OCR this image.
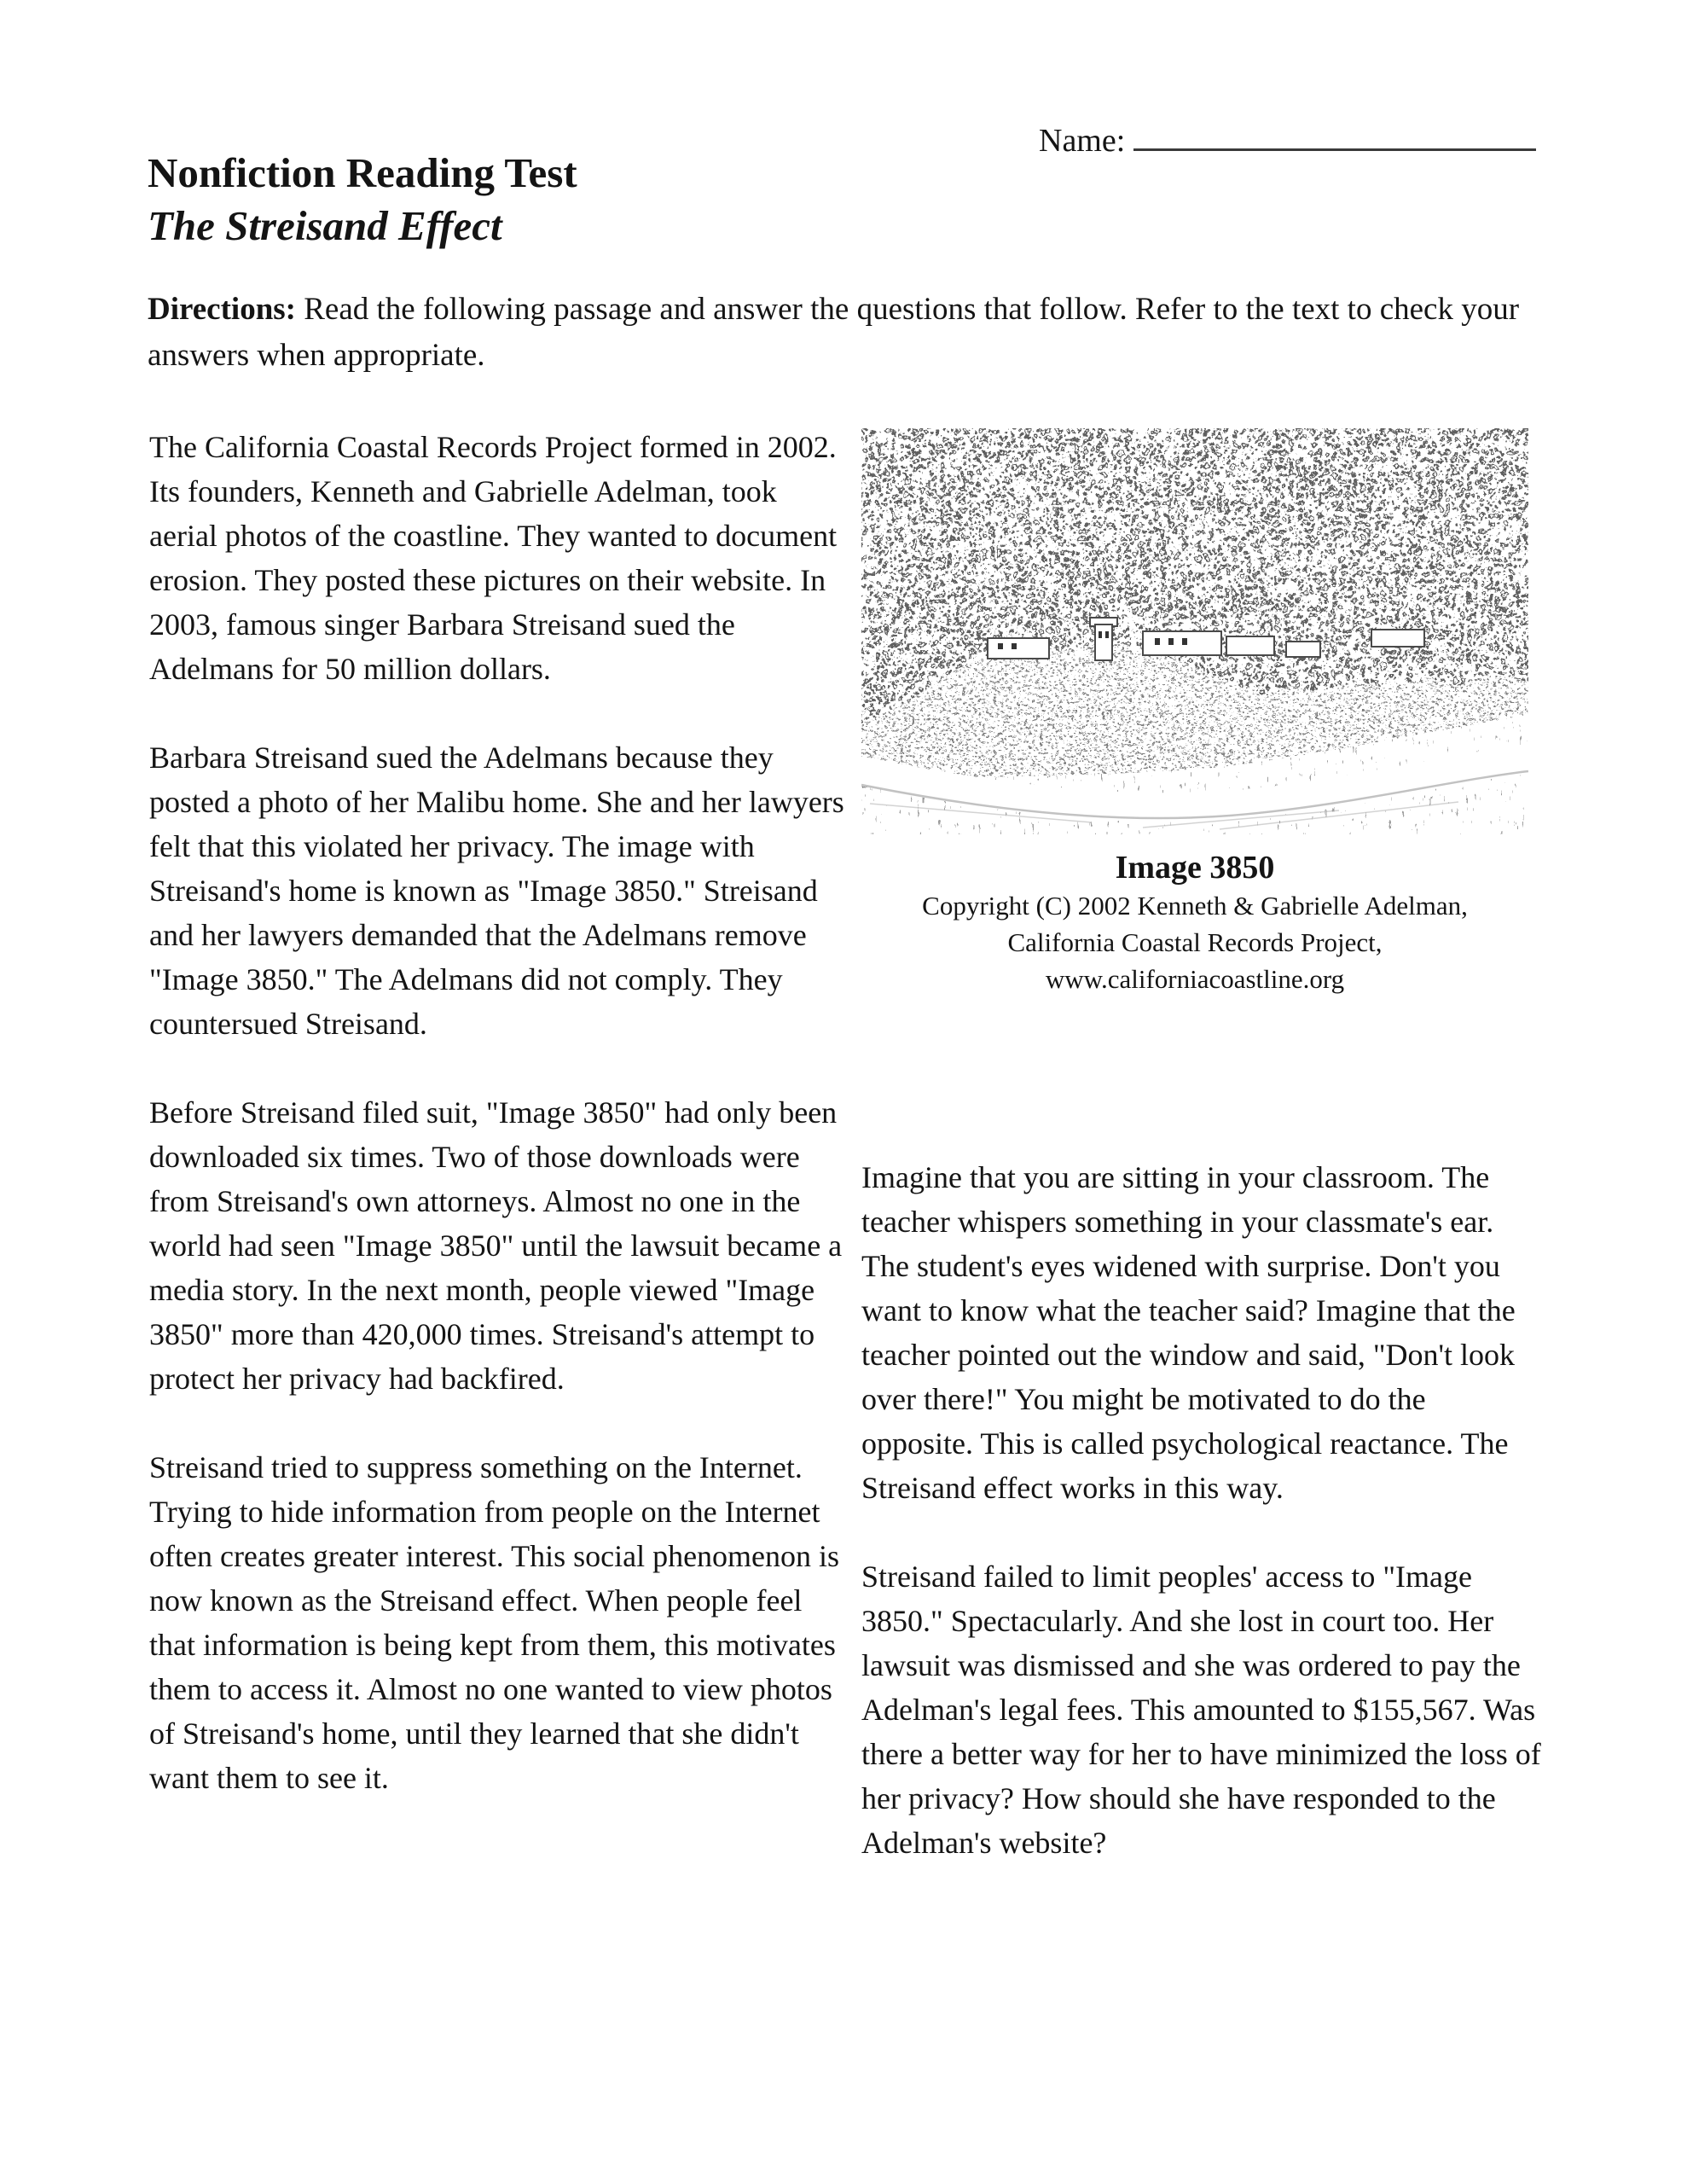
Name:
Nonfiction Reading Test
The Streisand Effect

Directions: Read the following passage and answer the questions that follow. Refer to the text to check your answers when appropriate.

The California Coastal Records Project formed in 2002. Its founders, Kenneth and Gabrielle Adelman, took aerial photos of the coastline. They wanted to document erosion. They posted these pictures on their website. In 2003, famous singer Barbara Streisand sued the Adelmans for 50 million dollars.

Barbara Streisand sued the Adelmans because they posted a photo of her Malibu home. She and her lawyers felt that this violated her privacy. The image with Streisand's home is known as "Image 3850." Streisand and her lawyers demanded that the Adelmans remove "Image 3850." The Adelmans did not comply. They countersued Streisand.

Before Streisand filed suit, "Image 3850" had only been downloaded six times. Two of those downloads were from Streisand's own attorneys. Almost no one in the world had seen "Image 3850" until the lawsuit became a media story. In the next month, people viewed "Image 3850" more than 420,000 times. Streisand's attempt to protect her privacy had backfired.

Streisand tried to suppress something on the Internet. Trying to hide information from people on the Internet often creates greater interest. This social phenomenon is now known as the Streisand effect. When people feel that information is being kept from them, this motivates them to access it. Almost no one wanted to view photos of Streisand's home, until they learned that she didn't want them to see it.

Image 3850
Copyright (C) 2002 Kenneth & Gabrielle Adelman,
California Coastal Records Project,
www.californiacoastline.org

Imagine that you are sitting in your classroom. The teacher whispers something in your classmate's ear. The student's eyes widened with surprise. Don't you want to know what the teacher said? Imagine that the teacher pointed out the window and said, "Don't look over there!" You might be motivated to do the opposite. This is called psychological reactance. The Streisand effect works in this way.

Streisand failed to limit peoples' access to "Image 3850." Spectacularly. And she lost in court too. Her lawsuit was dismissed and she was ordered to pay the Adelman's legal fees. This amounted to $155,567. Was there a better way for her to have minimized the loss of her privacy? How should she have responded to the Adelman's website?
